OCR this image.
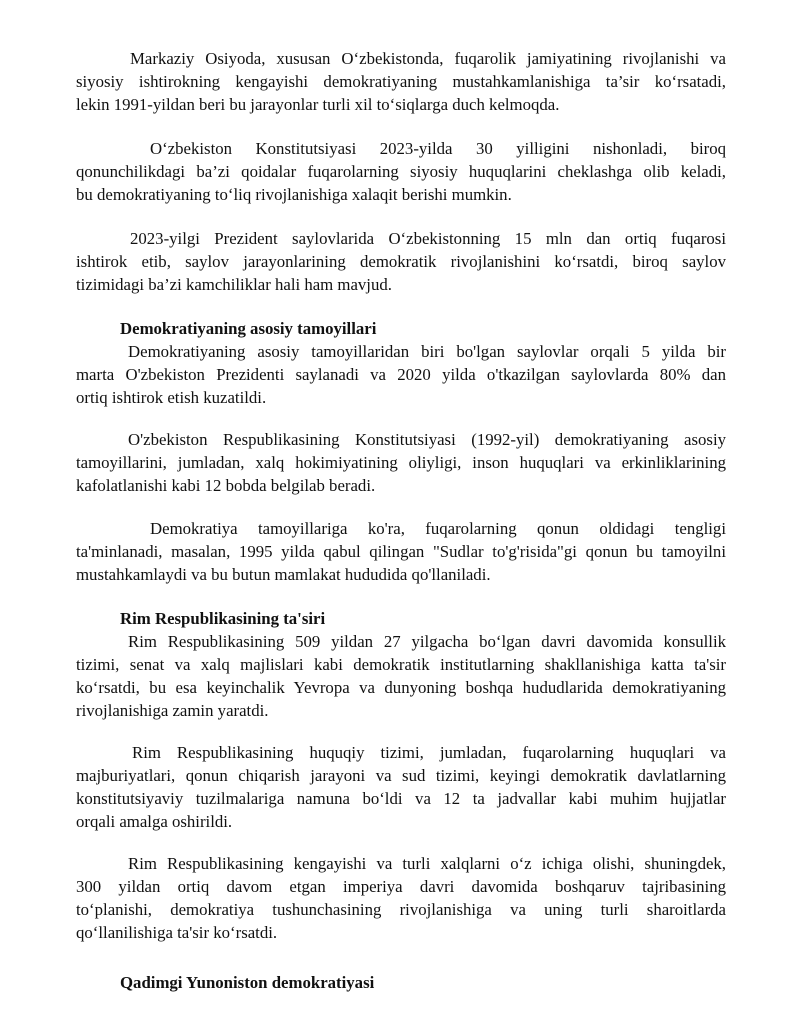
Markaziy Osiyoda, xususan O‘zbekistonda, fuqarolik jamiyatining rivojlanishi va
siyosiy ishtirokning kengayishi demokratiyaning mustahkamlanishiga ta’sir ko‘rsatadi,
lekin 1991-yildan beri bu jarayonlar turli xil to‘siqlarga duch kelmoqda.
O‘zbekiston Konstitutsiyasi 2023-yilda 30 yilligini nishonladi, biroq
qonunchilikdagi ba’zi qoidalar fuqarolarning siyosiy huquqlarini cheklashga olib keladi,
bu demokratiyaning to‘liq rivojlanishiga xalaqit berishi mumkin.
2023-yilgi Prezident saylovlarida O‘zbekistonning 15 mln dan ortiq fuqarosi
ishtirok etib, saylov jarayonlarining demokratik rivojlanishini ko‘rsatdi, biroq saylov
tizimidagi ba’zi kamchiliklar hali ham mavjud.
Demokratiyaning asosiy tamoyillari
Demokratiyaning asosiy tamoyillaridan biri bo'lgan saylovlar orqali 5 yilda bir
marta O'zbekiston Prezidenti saylanadi va 2020 yilda o'tkazilgan saylovlarda 80% dan
ortiq ishtirok etish kuzatildi.
O'zbekiston Respublikasining Konstitutsiyasi (1992-yil) demokratiyaning asosiy
tamoyillarini, jumladan, xalq hokimiyatining oliyligi, inson huquqlari va erkinliklarining
kafolatlanishi kabi 12 bobda belgilab beradi.
Demokratiya tamoyillariga ko'ra, fuqarolarning qonun oldidagi tengligi
ta'minlanadi, masalan, 1995 yilda qabul qilingan "Sudlar to'g'risida"gi qonun bu tamoyilni
mustahkamlaydi va bu butun mamlakat hududida qo'llaniladi.
Rim Respublikasining ta'siri
Rim Respublikasining 509 yildan 27 yilgacha bo‘lgan davri davomida konsullik
tizimi, senat va xalq majlislari kabi demokratik institutlarning shakllanishiga katta ta'sir
ko‘rsatdi, bu esa keyinchalik Yevropa va dunyoning boshqa hududlarida demokratiyaning
rivojlanishiga zamin yaratdi.
Rim Respublikasining huquqiy tizimi, jumladan, fuqarolarning huquqlari va
majburiyatlari, qonun chiqarish jarayoni va sud tizimi, keyingi demokratik davlatlarning
konstitutsiyaviy tuzilmalariga namuna bo‘ldi va 12 ta jadvallar kabi muhim hujjatlar
orqali amalga oshirildi.
Rim Respublikasining kengayishi va turli xalqlarni o‘z ichiga olishi, shuningdek,
300 yildan ortiq davom etgan imperiya davri davomida boshqaruv tajribasining
to‘planishi, demokratiya tushunchasining rivojlanishiga va uning turli sharoitlarda
qo‘llanilishiga ta'sir ko‘rsatdi.
Qadimgi Yunoniston demokratiyasi
